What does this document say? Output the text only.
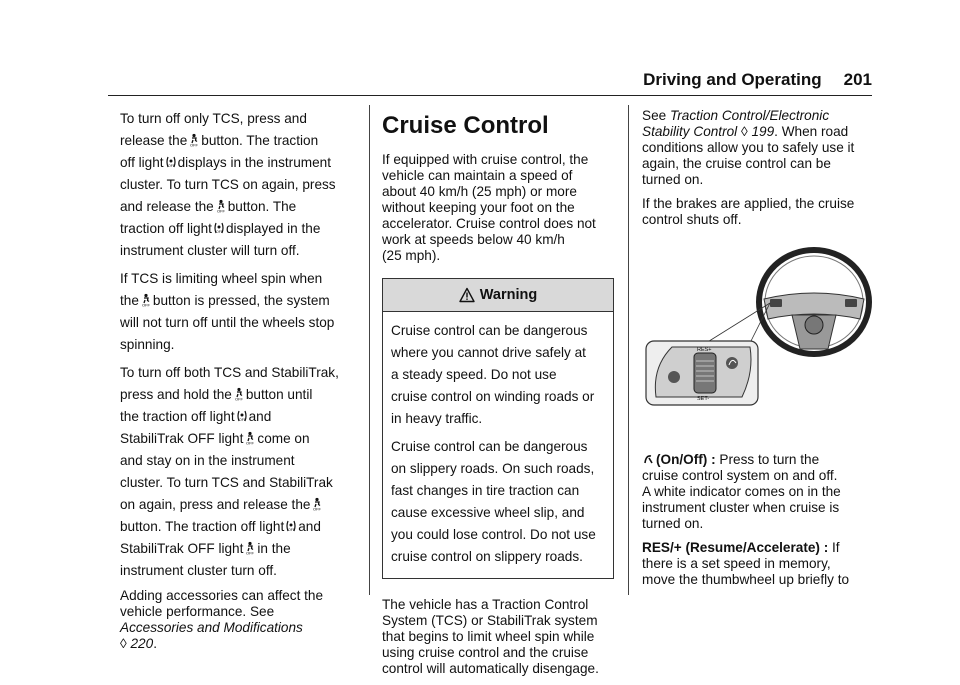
Driving and Operating 201

To turn off only TCS, press and
release the OFF button. The traction
off light OFF displays in the instrument
cluster. To turn TCS on again, press
and release the OFF button. The
traction off light OFF displayed in the
instrument cluster will turn off.

If TCS is limiting wheel spin when
the OFF button is pressed, the system
will not turn off until the wheels stop
spinning.

To turn off both TCS and StabiliTrak,
press and hold the OFF button until
the traction off light OFF and
StabiliTrak OFF light OFF come on
and stay on in the instrument
cluster. To turn TCS and StabiliTrak
on again, press and release the OFF

button. The traction off light OFF and
StabiliTrak OFF light OFF in the
instrument cluster turn off.

Adding accessories can affect the
vehicle performance. See
Accessories and Modifications
◊ 220.

Cruise Control

If equipped with cruise control, the
vehicle can maintain a speed of
about 40 km/h (25 mph) or more
without keeping your foot on the
accelerator. Cruise control does not
work at speeds below 40 km/h
(25 mph).

Warning

Cruise control can be dangerous
where you cannot drive safely at
a steady speed. Do not use
cruise control on winding roads or
in heavy traffic.

Cruise control can be dangerous
on slippery roads. On such roads,
fast changes in tire traction can
cause excessive wheel slip, and
you could lose control. Do not use
cruise control on slippery roads.

The vehicle has a Traction Control
System (TCS) or StabiliTrak system
that begins to limit wheel spin while
using cruise control and the cruise
control will automatically disengage.

See Traction Control/Electronic
Stability Control ◊ 199. When road
conditions allow you to safely use it
again, the cruise control can be
turned on.

If the brakes are applied, the cruise
control shuts off.

RES+
SET-

(On/Off) : Press to turn the
cruise control system on and off.
A white indicator comes on in the
instrument cluster when cruise is
turned on.

RES/+ (Resume/Accelerate) : If
there is a set speed in memory,
move the thumbwheel up briefly to
